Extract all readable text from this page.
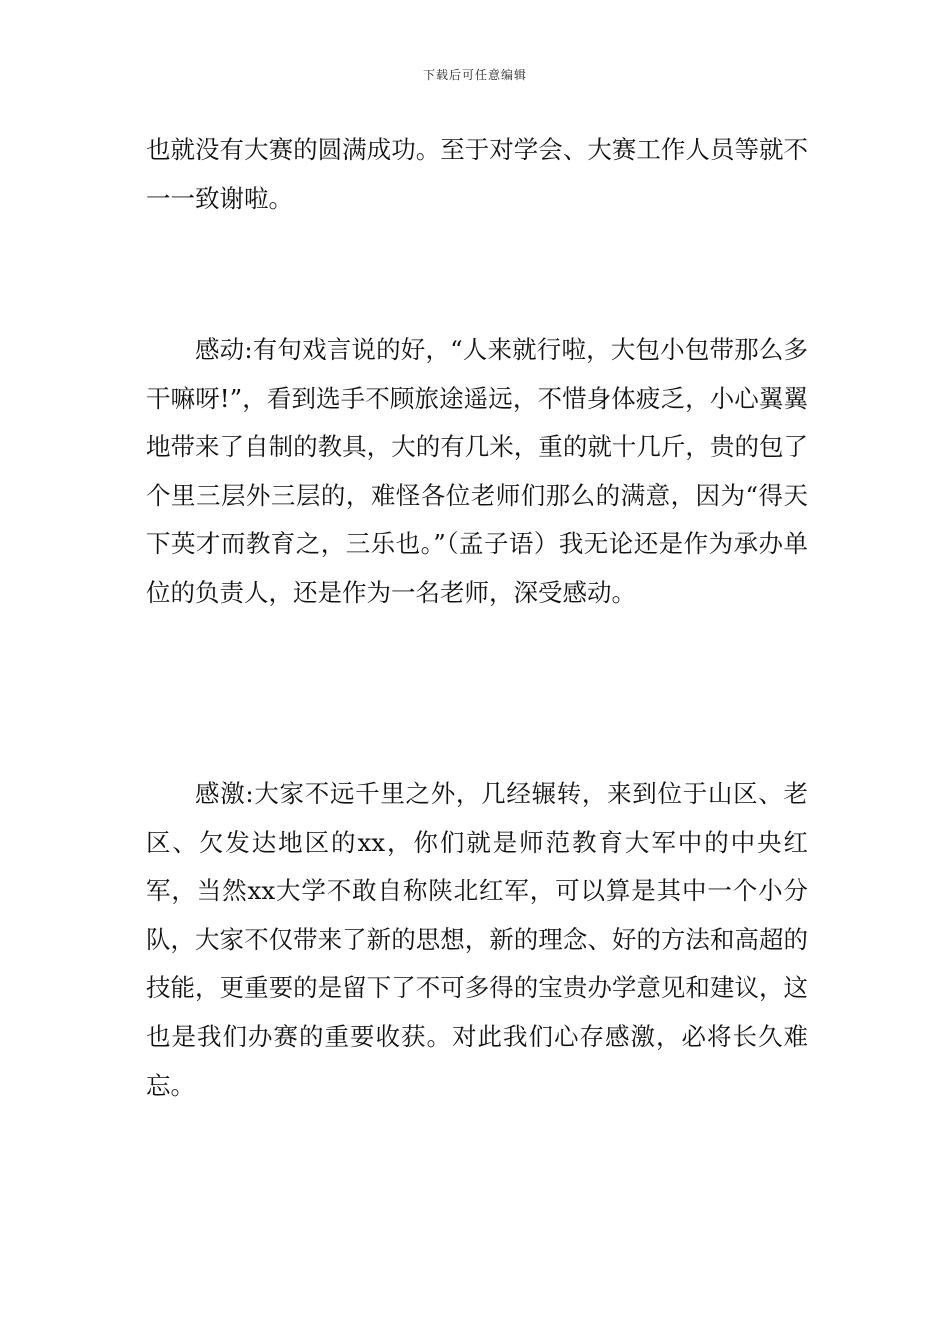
下载后可任意编辑

也就没有大赛的圆满成功。至于对学会、大赛工作人员等就不一一致谢啦。

感动:有句戏言说的好，“人来就行啦，大包小包带那么多干嘛呀!”，看到选手不顾旅途遥远，不惜身体疲乏，小心翼翼地带来了自制的教具，大的有几米，重的就十几斤，贵的包了个里三层外三层的，难怪各位老师们那么的满意，因为“得天下英才而教育之，三乐也。”（孟子语）我无论还是作为承办单位的负责人，还是作为一名老师，深受感动。

感激:大家不远千里之外，几经辗转，来到位于山区、老区、欠发达地区的xx，你们就是师范教育大军中的中央红军，当然xx大学不敢自称陕北红军，可以算是其中一个小分队，大家不仅带来了新的思想，新的理念、好的方法和高超的技能，更重要的是留下了不可多得的宝贵办学意见和建议，这也是我们办赛的重要收获。对此我们心存感激，必将长久难忘。
